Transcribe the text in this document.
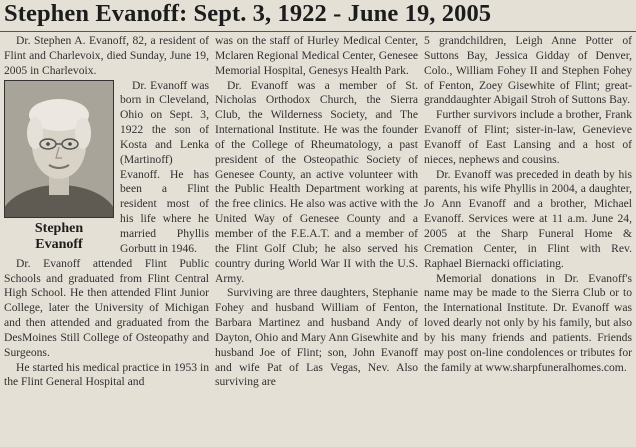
Stephen Evanoff: Sept. 3, 1922 - June 19, 2005

Dr. Stephen A. Evanoff, 82, a resident of Flint and Charlevoix, died Sunday, June 19, 2005 in Charlevoix.

Stephen
Evanoff

Dr. Evanoff was born in Cleveland, Ohio on Sept. 3, 1922 the son of Kosta and Lenka (Martinoff) Evanoff. He has been a Flint resident most of his life where he married Phyllis Gorbutt in 1946.

Dr. Evanoff attended Flint Public Schools and graduated from Flint Central High School. He then attended Flint Junior College, later the University of Michigan and then attended and graduated from the DesMoines Still College of Osteopathy and Surgeons.

He started his medical practice in 1953 in the Flint General Hospital and

was on the staff of Hurley Medical Center, Mclaren Regional Medical Center, Genesee Memorial Hospital, Genesys Health Park.

Dr. Evanoff was a member of St. Nicholas Orthodox Church, the Sierra Club, the Wilderness Society, and The International Institute. He was the founder of the College of Rheumatology, a past president of the Osteopathic Society of Genesee County, an active volunteer with the Public Health Department working at the free clinics. He also was active with the United Way of Genesee County and a member of the F.E.A.T. and a member of the Flint Golf Club; he also served his country during World War II with the U.S. Army.

Surviving are three daughters, Stephanie Fohey and husband William of Fenton, Barbara Martinez and husband Andy of Dayton, Ohio and Mary Ann Gisewhite and husband Joe of Flint; son, John Evanoff and wife Pat of Las Vegas, Nev. Also surviving are

5 grandchildren, Leigh Anne Potter of Suttons Bay, Jessica Gidday of Denver, Colo., William Fohey II and Stephen Fohey of Fenton, Zoey Gisewhite of Flint; great-granddaughter Abigail Stroh of Suttons Bay.

Further survivors include a brother, Frank Evanoff of Flint; sister-in-law, Genevieve Evanoff of East Lansing and a host of nieces, nephews and cousins.

Dr. Evanoff was preceded in death by his parents, his wife Phyllis in 2004, a daughter, Jo Ann Evanoff and a brother, Michael Evanoff. Services were at 11 a.m. June 24, 2005 at the Sharp Funeral Home & Cremation Center, in Flint with Rev. Raphael Biernacki officiating.

Memorial donations in Dr. Evanoff's name may be made to the Sierra Club or to the International Institute. Dr. Evanoff was loved dearly not only by his family, but also by his many friends and patients. Friends may post on-line condolences or tributes for the family at www.sharpfuneralhomes.com.
